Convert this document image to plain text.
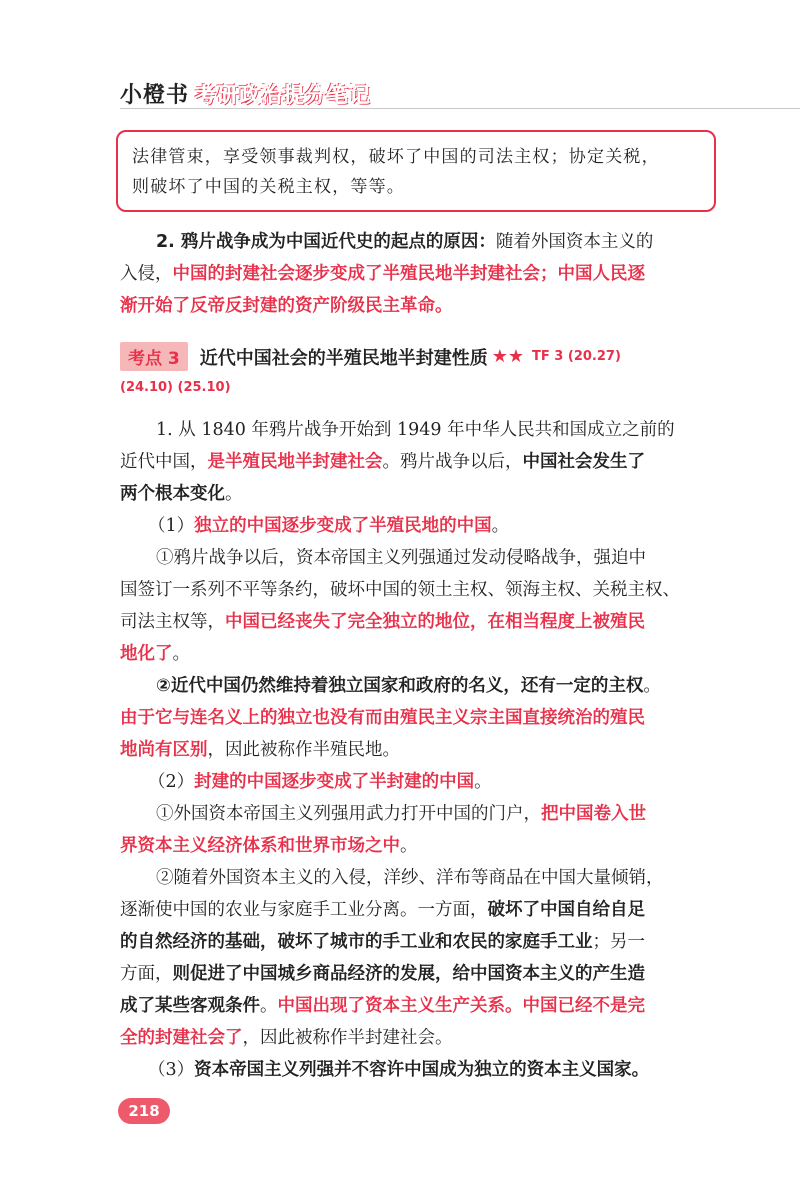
小橙书 考研政治提分笔记
法律管束，享受领事裁判权，破坏了中国的司法主权；协定关税，
则破坏了中国的关税主权，等等。
2. 鸦片战争成为中国近代史的起点的原因：随着外国资本主义的
入侵，中国的封建社会逐步变成了半殖民地半封建社会；中国人民逐
渐开始了反帝反封建的资产阶级民主革命。
考点 3	近代中国社会的半殖民地半封建性质 ★★ TF 3 (20.27)
(24.10) (25.10)
1. 从 1840 年鸦片战争开始到 1949 年中华人民共和国成立之前的
近代中国，是半殖民地半封建社会。鸦片战争以后，中国社会发生了
两个根本变化。
（1）独立的中国逐步变成了半殖民地的中国。
①鸦片战争以后，资本帝国主义列强通过发动侵略战争，强迫中
国签订一系列不平等条约，破坏中国的领土主权、领海主权、关税主权、
司法主权等，中国已经丧失了完全独立的地位，在相当程度上被殖民
地化了。
②近代中国仍然维持着独立国家和政府的名义，还有一定的主权。
由于它与连名义上的独立也没有而由殖民主义宗主国直接统治的殖民
地尚有区别，因此被称作半殖民地。
（2）封建的中国逐步变成了半封建的中国。
①外国资本帝国主义列强用武力打开中国的门户，把中国卷入世
界资本主义经济体系和世界市场之中。
②随着外国资本主义的入侵，洋纱、洋布等商品在中国大量倾销，
逐渐使中国的农业与家庭手工业分离。一方面，破坏了中国自给自足
的自然经济的基础，破坏了城市的手工业和农民的家庭手工业；另一
方面，则促进了中国城乡商品经济的发展，给中国资本主义的产生造
成了某些客观条件。中国出现了资本主义生产关系。中国已经不是完
全的封建社会了，因此被称作半封建社会。
（3）资本帝国主义列强并不容许中国成为独立的资本主义国家。
218
